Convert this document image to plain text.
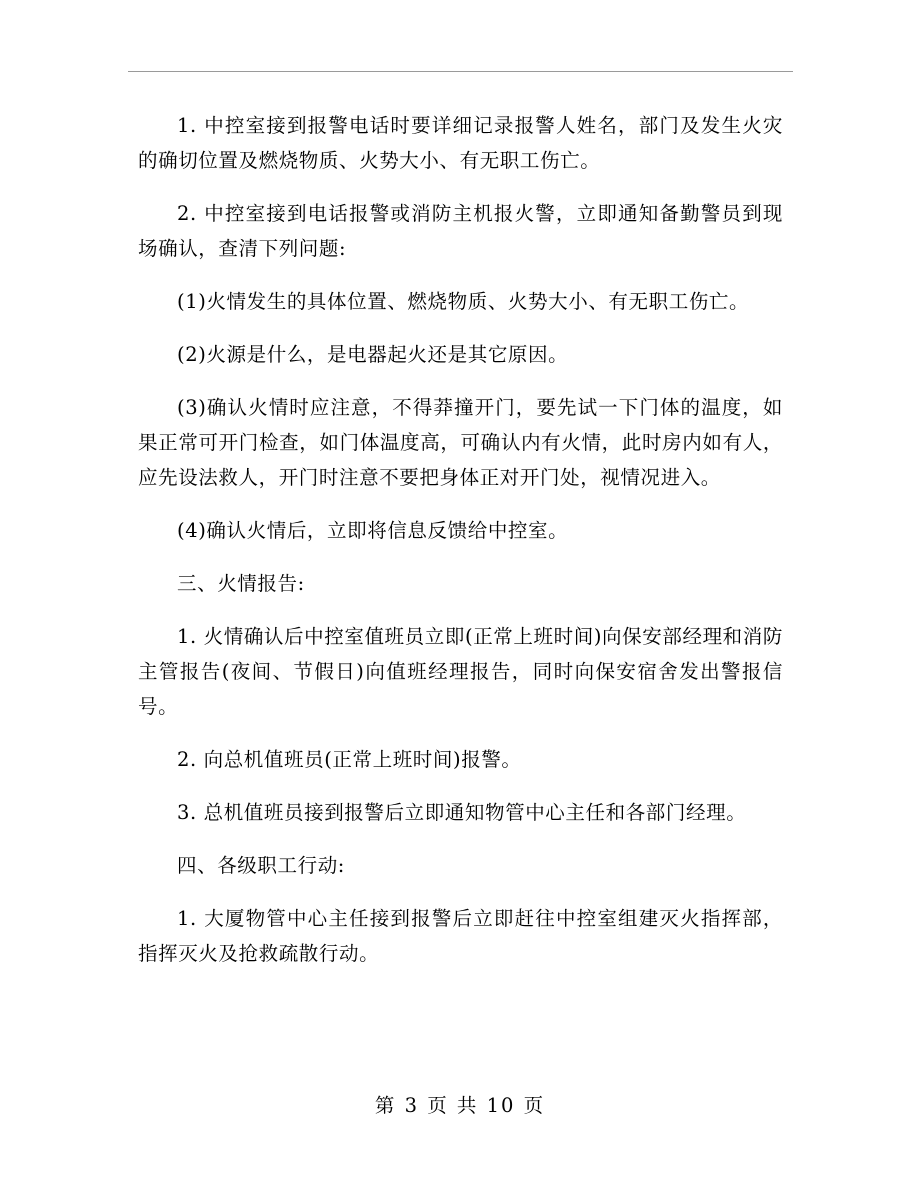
1. 中控室接到报警电话时要详细记录报警人姓名，部门及发生火灾的确切位置及燃烧物质、火势大小、有无职工伤亡。

2. 中控室接到电话报警或消防主机报火警，立即通知备勤警员到现场确认，查清下列问题:

(1)火情发生的具体位置、燃烧物质、火势大小、有无职工伤亡。

(2)火源是什么，是电器起火还是其它原因。

(3)确认火情时应注意，不得莽撞开门，要先试一下门体的温度，如果正常可开门检查，如门体温度高，可确认内有火情，此时房内如有人，应先设法救人，开门时注意不要把身体正对开门处，视情况进入。

(4)确认火情后，立即将信息反馈给中控室。

三、火情报告:

1. 火情确认后中控室值班员立即(正常上班时间)向保安部经理和消防主管报告(夜间、节假日)向值班经理报告，同时向保安宿舍发出警报信号。

2. 向总机值班员(正常上班时间)报警。

3. 总机值班员接到报警后立即通知物管中心主任和各部门经理。

四、各级职工行动:

1. 大厦物管中心主任接到报警后立即赶往中控室组建灭火指挥部，指挥灭火及抢救疏散行动。

第 3 页 共 10 页
